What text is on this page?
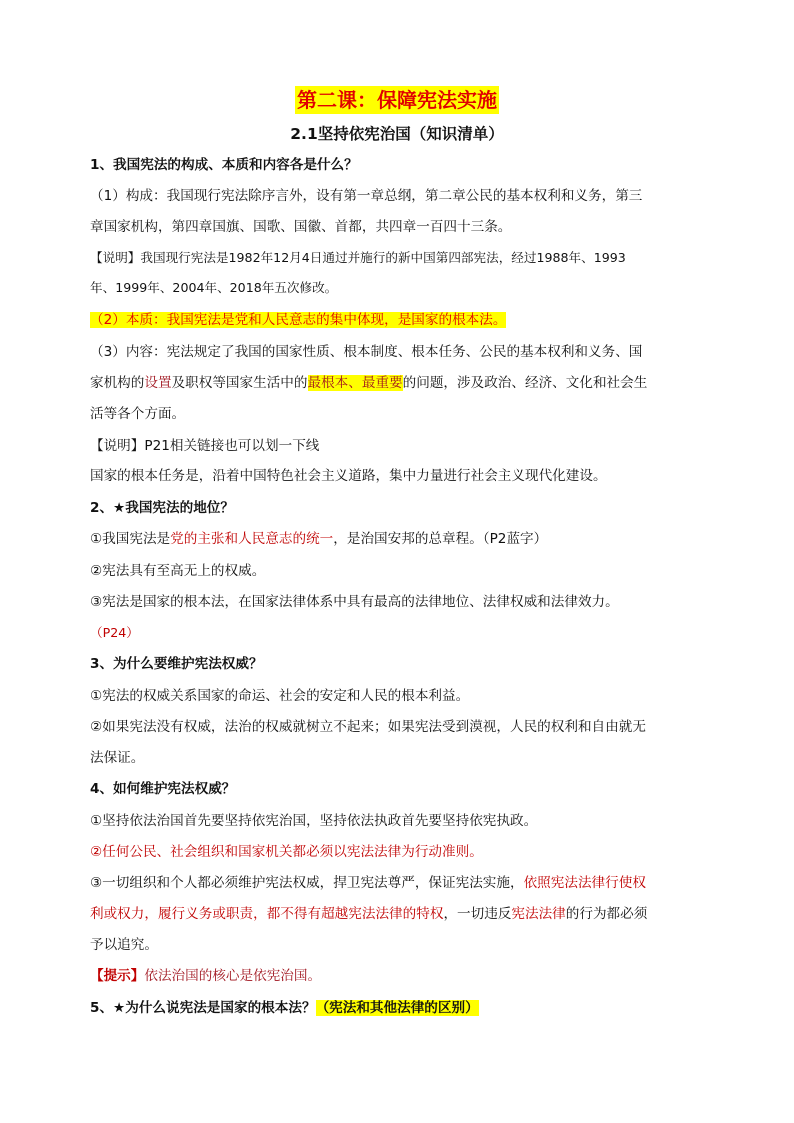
第二课：保障宪法实施
2.1坚持依宪治国（知识清单）
1、我国宪法的构成、本质和内容各是什么？
（1）构成：我国现行宪法除序言外，设有第一章总纲，第二章公民的基本权利和义务，第三
章国家机构，第四章国旗、国歌、国徽、首都，共四章一百四十三条。
【说明】我国现行宪法是1982年12月4日通过并施行的新中国第四部宪法，经过1988年、1993
年、1999年、2004年、2018年五次修改。
（2）本质：我国宪法是党和人民意志的集中体现，是国家的根本法。
（3）内容：宪法规定了我国的国家性质、根本制度、根本任务、公民的基本权利和义务、国
家机构的设置及职权等国家生活中的最根本、最重要的问题，涉及政治、经济、文化和社会生
活等各个方面。
【说明】P21相关链接也可以划一下线
国家的根本任务是，沿着中国特色社会主义道路，集中力量进行社会主义现代化建设。
2、★我国宪法的地位？
①我国宪法是党的主张和人民意志的统一，是治国安邦的总章程。（P2蓝字）
②宪法具有至高无上的权威。
③宪法是国家的根本法，在国家法律体系中具有最高的法律地位、法律权威和法律效力。
（P24）
3、为什么要维护宪法权威？
①宪法的权威关系国家的命运、社会的安定和人民的根本利益。
②如果宪法没有权威，法治的权威就树立不起来；如果宪法受到漠视，人民的权利和自由就无
法保证。
4、如何维护宪法权威？
①坚持依法治国首先要坚持依宪治国，坚持依法执政首先要坚持依宪执政。
②任何公民、社会组织和国家机关都必须以宪法法律为行动准则。
③一切组织和个人都必须维护宪法权威，捍卫宪法尊严，保证宪法实施，依照宪法法律行使权
利或权力，履行义务或职责，都不得有超越宪法法律的特权，一切违反宪法法律的行为都必须
予以追究。
【提示】依法治国的核心是依宪治国。
5、★为什么说宪法是国家的根本法？（宪法和其他法律的区别）
